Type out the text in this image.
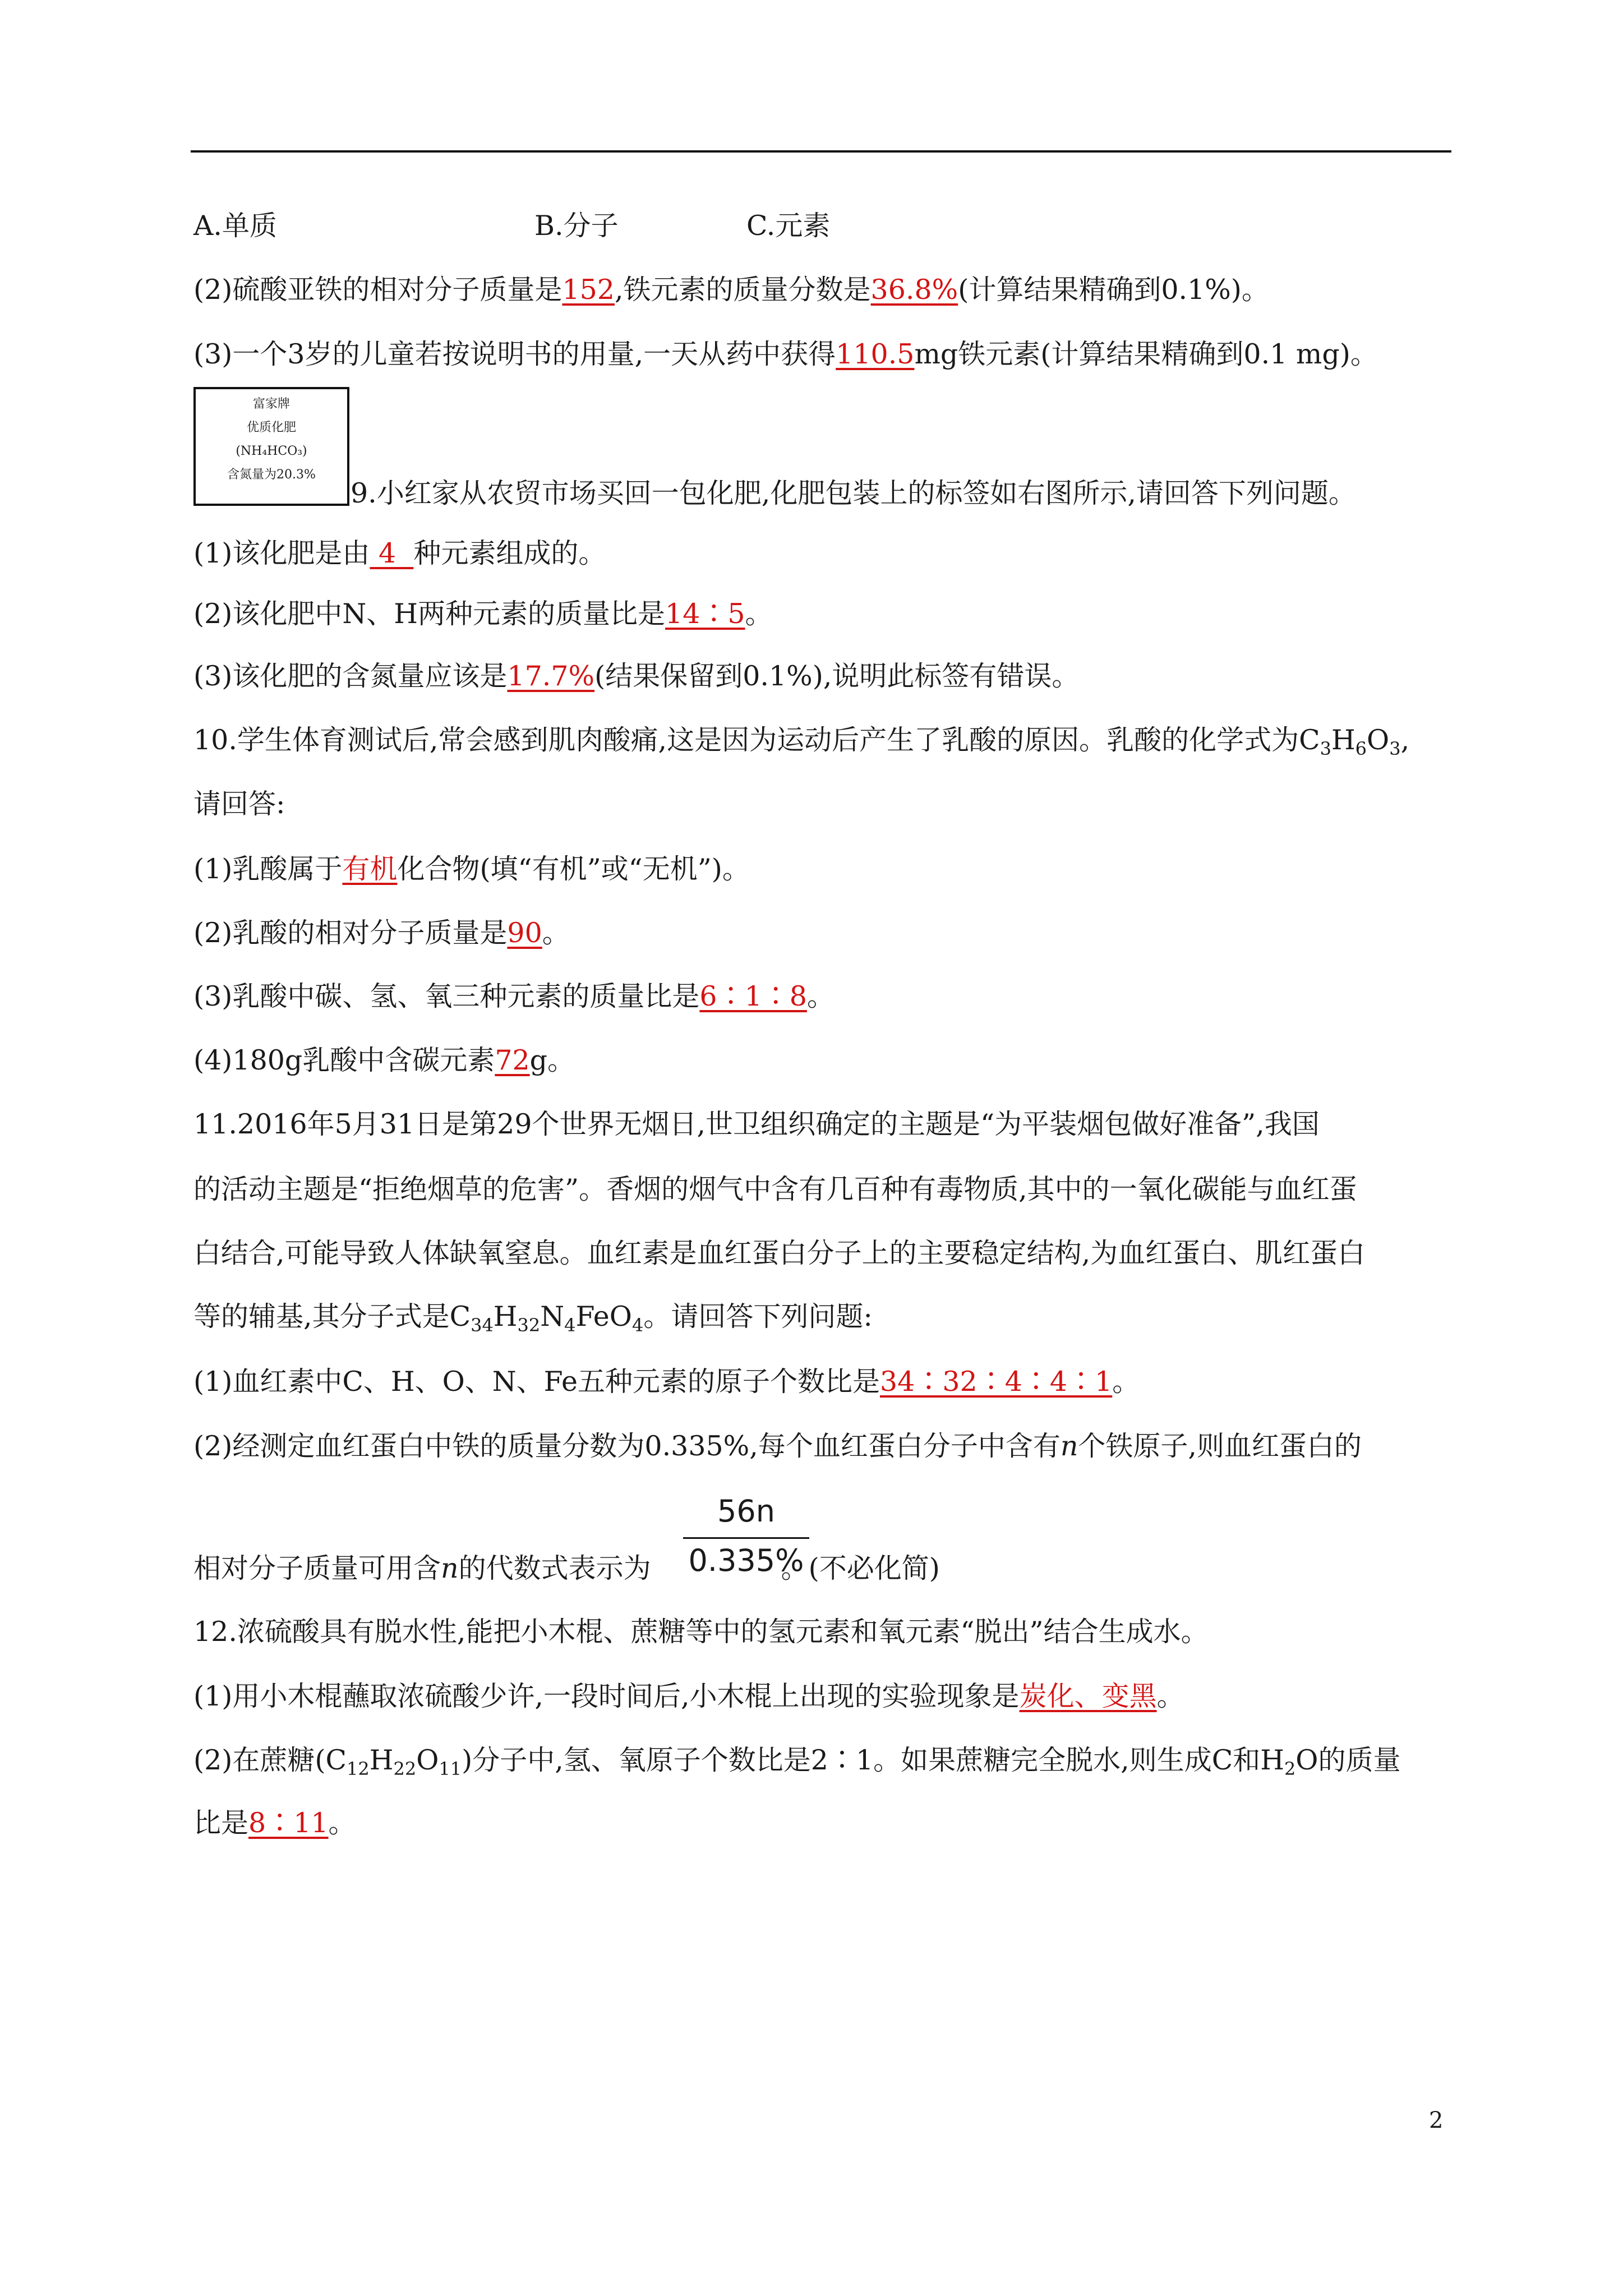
A.单质	B.分子	C.元素
(2)硫酸亚铁的相对分子质量是152,铁元素的质量分数是36.8%(计算结果精确到0.1%)。
(3)一个3岁的儿童若按说明书的用量,一天从药中获得110.5mg铁元素(计算结果精确到0.1 mg)。
富家牌
优质化肥
(NH₄HCO₃)
含氮量为20.3%
9.小红家从农贸市场买回一包化肥,化肥包装上的标签如右图所示,请回答下列问题。
(1)该化肥是由 4  种元素组成的。
(2)该化肥中N、H两种元素的质量比是14∶5。
(3)该化肥的含氮量应该是17.7%(结果保留到0.1%),说明此标签有错误。
10.学生体育测试后,常会感到肌肉酸痛,这是因为运动后产生了乳酸的原因。乳酸的化学式为$C_3H_6O_3$,
请回答:
(1)乳酸属于有机化合物(填“有机”或“无机”)。
(2)乳酸的相对分子质量是90。
(3)乳酸中碳、氢、氧三种元素的质量比是6∶1∶8。
(4)180g乳酸中含碳元素72g。
11.2016年5月31日是第29个世界无烟日,世卫组织确定的主题是“为平装烟包做好准备”,我国
的活动主题是“拒绝烟草的危害”。香烟的烟气中含有几百种有毒物质,其中的一氧化碳能与血红蛋
白结合,可能导致人体缺氧窒息。血红素是血红蛋白分子上的主要稳定结构,为血红蛋白、肌红蛋白
等的辅基,其分子式是$C_{34}H_{32}N_4FeO_4$。请回答下列问题:
(1)血红素中C、H、O、N、Fe五种元素的原子个数比是34∶32∶4∶4∶1。
(2)经测定血红蛋白中铁的质量分数为0.335%,每个血红蛋白分子中含有n个铁原子,则血红蛋白的
56n
0.335%
相对分子质量可用含n的代数式表示为	。(不必化简)
12.浓硫酸具有脱水性,能把小木棍、蔗糖等中的氢元素和氧元素“脱出”结合生成水。
(1)用小木棍蘸取浓硫酸少许,一段时间后,小木棍上出现的实验现象是炭化、变黑。
(2)在蔗糖$(C_{12}H_{22}O_{11})$分子中,氢、氧原子个数比是2∶1。如果蔗糖完全脱水,则生成C和$H_2O$的质量
比是8∶11。
2
